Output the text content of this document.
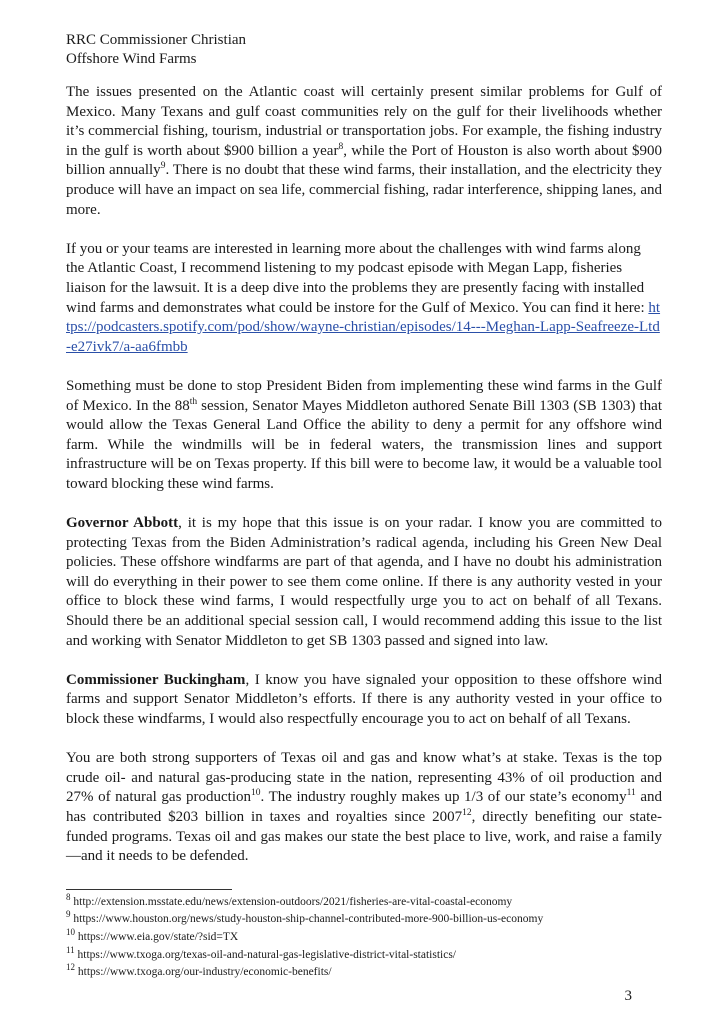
RRC Commissioner Christian
Offshore Wind Farms

The issues presented on the Atlantic coast will certainly present similar problems for Gulf of Mexico. Many Texans and gulf coast communities rely on the gulf for their livelihoods whether it’s commercial fishing, tourism, industrial or transportation jobs. For example, the fishing industry in the gulf is worth about $900 billion a year$^8$, while the Port of Houston is also worth about $900 billion annually$^9$. There is no doubt that these wind farms, their installation, and the electricity they produce will have an impact on sea life, commercial fishing, radar interference, shipping lanes, and more.

If you or your teams are interested in learning more about the challenges with wind farms along the Atlantic Coast, I recommend listening to my podcast episode with Megan Lapp, fisheries liaison for the lawsuit. It is a deep dive into the problems they are presently facing with installed wind farms and demonstrates what could be instore for the Gulf of Mexico. You can find it here: https://podcasters.spotify.com/pod/show/wayne-christian/episodes/14---Meghan-Lapp-Seafreeze-Ltd-e27ivk7/a-aa6fmbb

Something must be done to stop President Biden from implementing these wind farms in the Gulf of Mexico. In the 88th session, Senator Mayes Middleton authored Senate Bill 1303 (SB 1303) that would allow the Texas General Land Office the ability to deny a permit for any offshore wind farm. While the windmills will be in federal waters, the transmission lines and support infrastructure will be on Texas property. If this bill were to become law, it would be a valuable tool toward blocking these wind farms.

Governor Abbott, it is my hope that this issue is on your radar. I know you are committed to protecting Texas from the Biden Administration’s radical agenda, including his Green New Deal policies. These offshore windfarms are part of that agenda, and I have no doubt his administration will do everything in their power to see them come online. If there is any authority vested in your office to block these wind farms, I would respectfully urge you to act on behalf of all Texans. Should there be an additional special session call, I would recommend adding this issue to the list and working with Senator Middleton to get SB 1303 passed and signed into law.

Commissioner Buckingham, I know you have signaled your opposition to these offshore wind farms and support Senator Middleton’s efforts. If there is any authority vested in your office to block these windfarms, I would also respectfully encourage you to act on behalf of all Texans.

You are both strong supporters of Texas oil and gas and know what’s at stake. Texas is the top crude oil- and natural gas-producing state in the nation, representing 43% of oil production and 27% of natural gas production$^{10}$. The industry roughly makes up 1/3 of our state’s economy$^{11}$ and has contributed $203 billion in taxes and royalties since 2007$^{12}$, directly benefiting our state-funded programs. Texas oil and gas makes our state the best place to live, work, and raise a family—and it needs to be defended.

$^8$ http://extension.msstate.edu/news/extension-outdoors/2021/fisheries-are-vital-coastal-economy
$^9$ https://www.houston.org/news/study-houston-ship-channel-contributed-more-900-billion-us-economy
$^{10}$ https://www.eia.gov/state/?sid=TX
$^{11}$ https://www.txoga.org/texas-oil-and-natural-gas-legislative-district-vital-statistics/
$^{12}$ https://www.txoga.org/our-industry/economic-benefits/
3
